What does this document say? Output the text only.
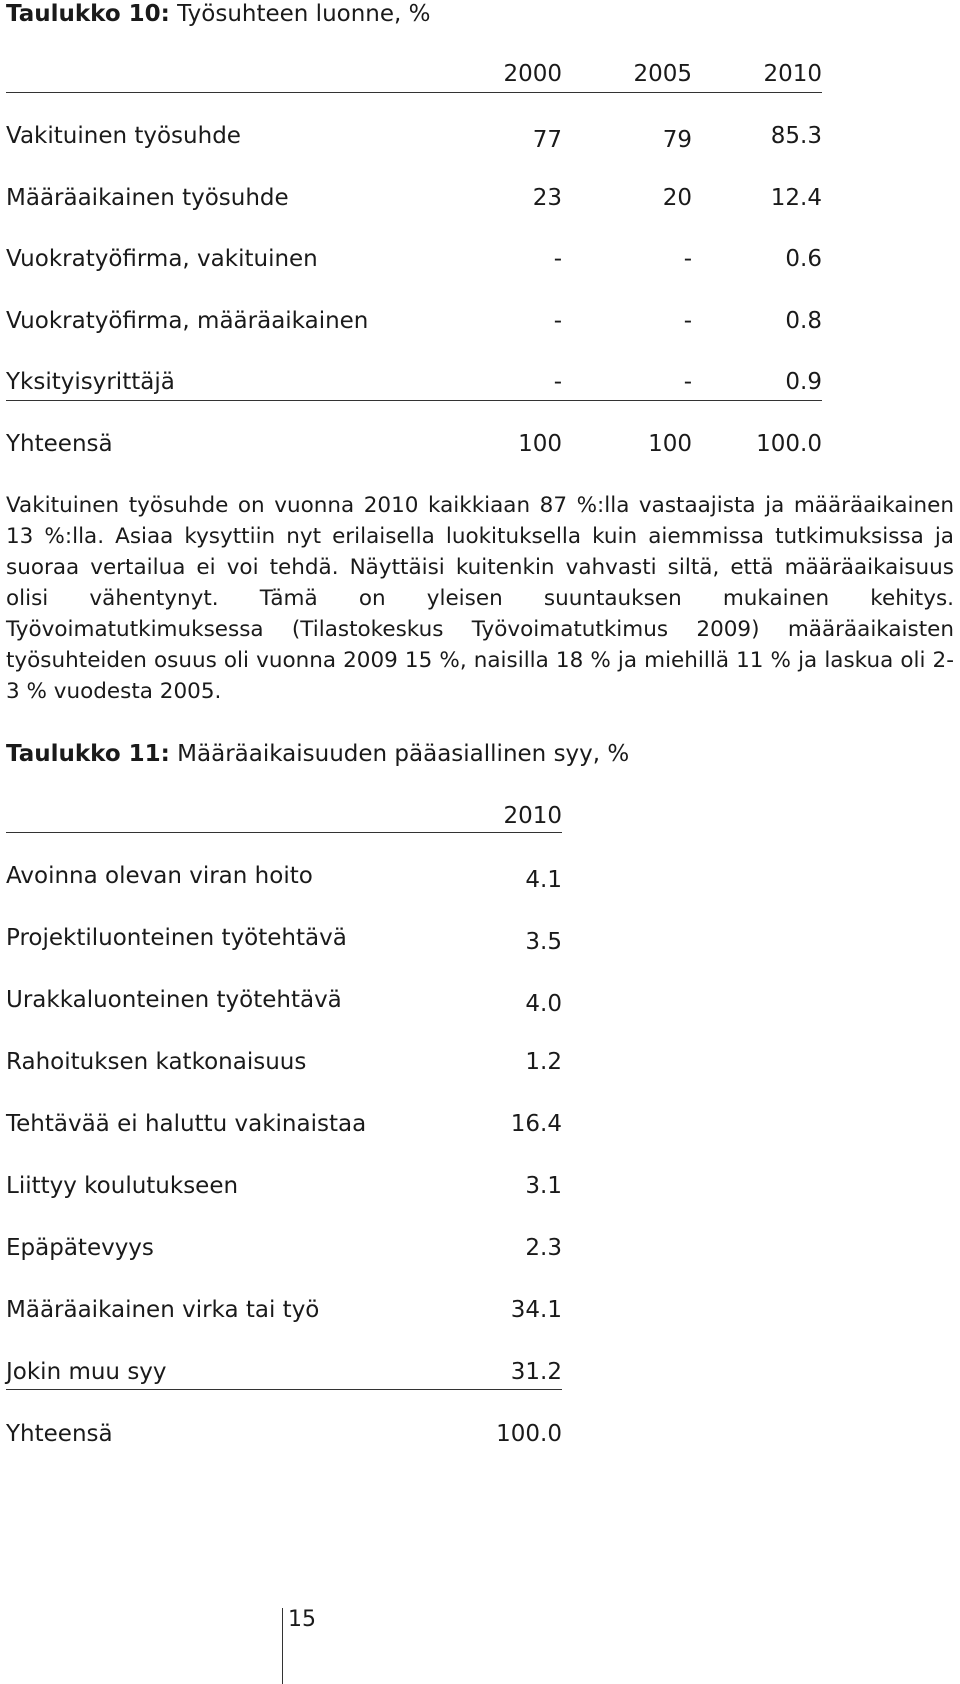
Taulukko 10: Työsuhteen luonne, %
2000	2005	2010
Vakituinen työsuhde	77	79	85.3
Määräaikainen työsuhde	23	20	12.4
Vuokratyöfirma, vakituinen	-	-	0.6
Vuokratyöfirma, määräaikainen	-	-	0.8
Yksityisyrittäjä	-	-	0.9
Yhteensä	100	100	100.0

Vakituinen työsuhde on vuonna 2010 kaikkiaan 87 %:lla vastaajista ja määräaikainen 13 %:lla. Asiaa kysyttiin nyt erilaisella luokituksella kuin aiemmissa tutkimuksissa ja suoraa vertailua ei voi tehdä. Näyttäisi kuitenkin vahvasti siltä, että määräaikaisuus olisi vähentynyt. Tämä on yleisen suuntauksen mukainen kehitys. Työvoimatutkimuksessa (Tilastokeskus Työvoimatutkimus 2009) määräaikaisten työsuhteiden osuus oli vuonna 2009 15 %, naisilla 18 % ja miehillä 11 % ja laskua oli 2-3 % vuodesta 2005.

Taulukko 11: Määräaikaisuuden pääasiallinen syy, %
2010
Avoinna olevan viran hoito	4.1
Projektiluonteinen työtehtävä	3.5
Urakkaluonteinen työtehtävä	4.0
Rahoituksen katkonaisuus	1.2
Tehtävää ei haluttu vakinaistaa	16.4
Liittyy koulutukseen	3.1
Epäpätevyys	2.3
Määräaikainen virka tai työ	34.1
Jokin muu syy	31.2
Yhteensä	100.0
15
